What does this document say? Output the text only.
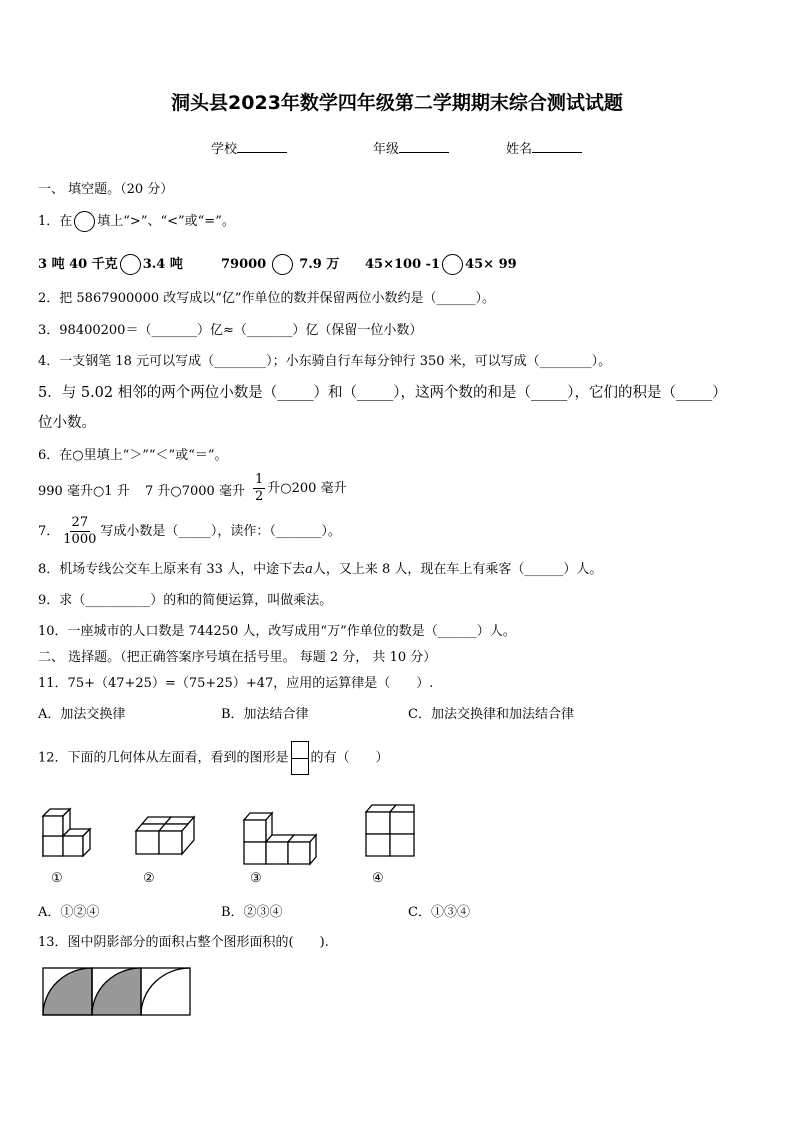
洞头县2023年数学四年级第二学期期末综合测试试题
学校	年级	姓名
一、 填空题。（20 分）
1．在 填上“>”、“<”或“=”。
3 吨 40 千克 3.4 吨	79000	7.9 万 45×100 -1 45× 99
2．把 5867900000 改写成以“亿”作单位的数并保留两位小数约是（______）。
3．98400200＝（_______）亿≈（_______）亿（保留一位小数）
4．一支钢笔 18 元可以写成（________）；小东骑自行车每分钟行 350 米，可以写成（________）。
5．与 5.02 相邻的两个两位小数是（_____）和（_____），这两个数的和是（_____），它们的积是（_____）
位小数。
6．在○里填上“＞”“＜”或“＝”。
990 毫升○1 升 7 升○7000 毫升 $\frac{1}{2}$ 升○200 毫升
7． $\frac{27}{1000}$ 写成小数是（_____），读作：（_______）。
8．机场专线公交车上原来有 33 人，中途下去a人，又上来 8 人，现在车上有乘客（______）人。
9．求（__________）的和的简便运算，叫做乘法。
10．一座城市的人口数是 744250 人，改写成用“万”作单位的数是（______）人。
二、 选择题。（把正确答案序号填在括号里。 每题 2 分， 共 10 分）
11．75+（47+25）=（75+25）+47，应用的运算律是（　　）.
A．加法交换律	B．加法结合律	C．加法交换律和加法结合律
12．下面的几何体从左面看，看到的图形是 的有（　　）
①	②	③	④
A．①②④	B．②③④	C．①③④
13．图中阴影部分的面积占整个图形面积的(　　).
